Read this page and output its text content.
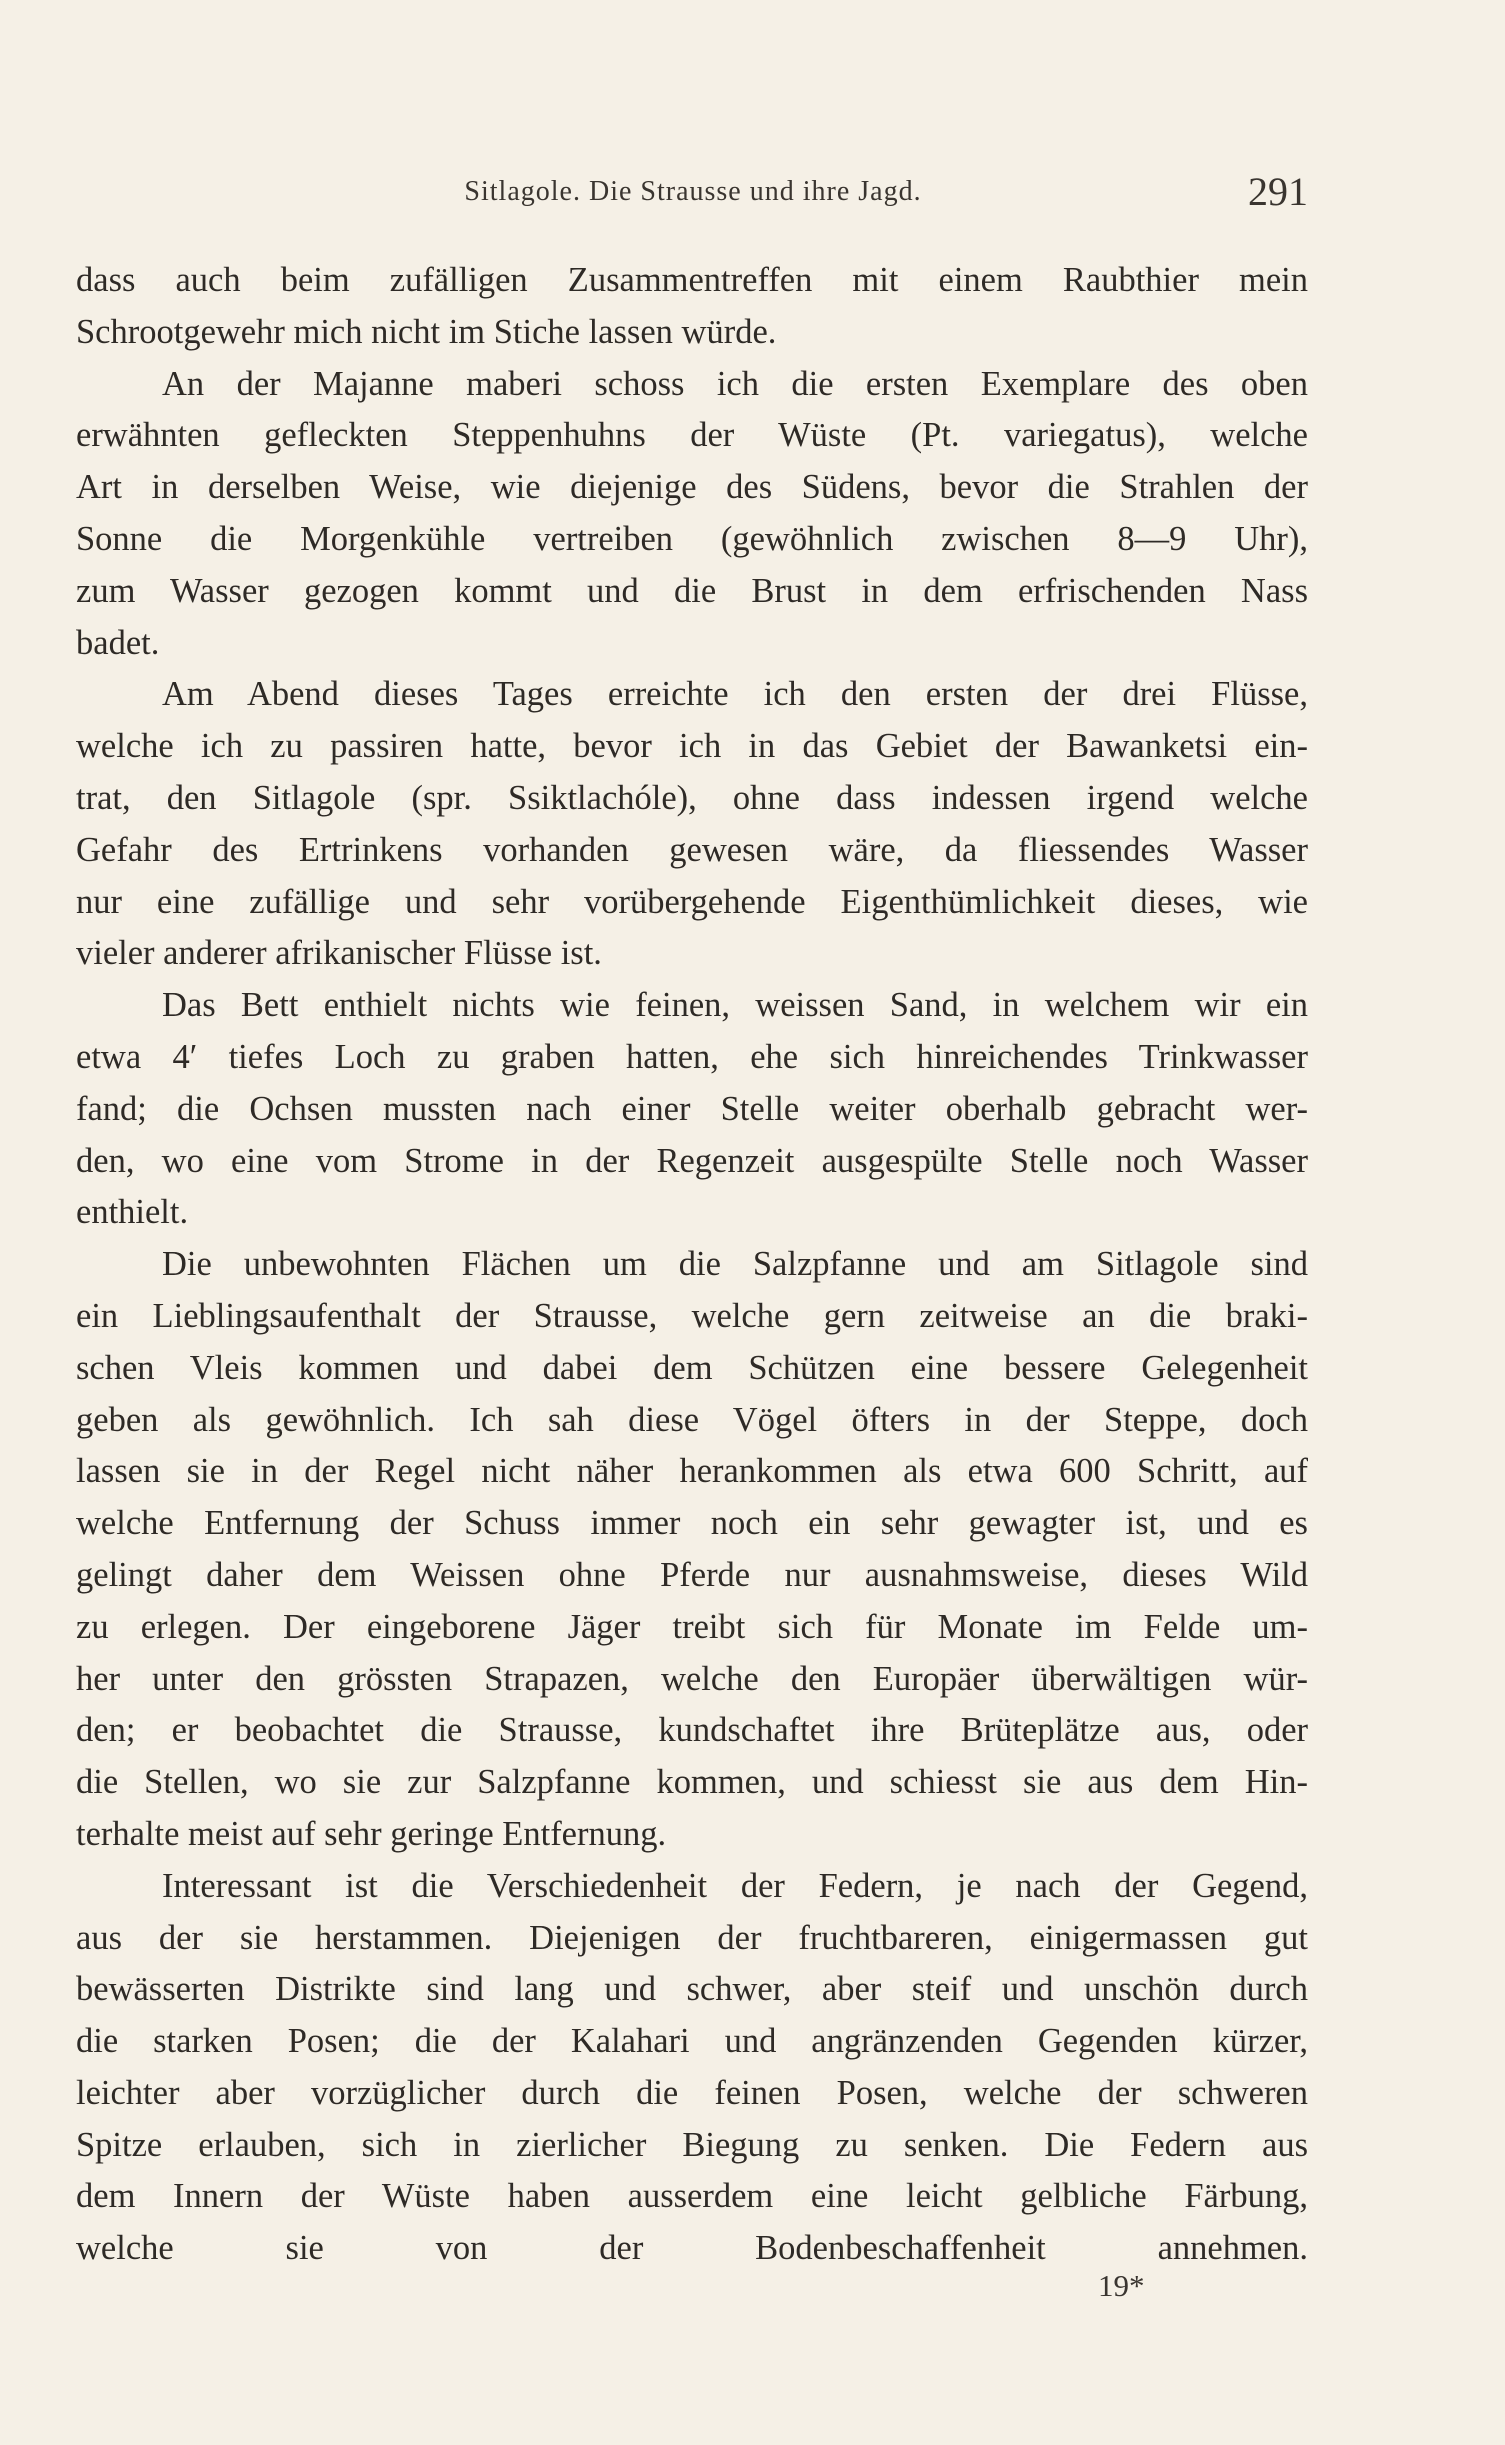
Sitlagole. Die Strausse und ihre Jagd.	291

dass auch beim zufälligen Zusammentreffen mit einem Raubthier mein

Schrootgewehr mich nicht im Stiche lassen würde.

An der Majanne maberi schoss ich die ersten Exemplare des oben

erwähnten gefleckten Steppenhuhns der Wüste (Pt. variegatus), welche

Art in derselben Weise, wie diejenige des Südens, bevor die Strahlen der

Sonne die Morgenkühle vertreiben (gewöhnlich zwischen 8—9 Uhr),

zum Wasser gezogen kommt und die Brust in dem erfrischenden Nass

badet.

Am Abend dieses Tages erreichte ich den ersten der drei Flüsse,

welche ich zu passiren hatte, bevor ich in das Gebiet der Bawanketsi ein-

trat, den Sitlagole (spr. Ssiktlachóle), ohne dass indessen irgend welche

Gefahr des Ertrinkens vorhanden gewesen wäre, da fliessendes Wasser

nur eine zufällige und sehr vorübergehende Eigenthümlichkeit dieses, wie

vieler anderer afrikanischer Flüsse ist.

Das Bett enthielt nichts wie feinen, weissen Sand, in welchem wir ein

etwa 4′ tiefes Loch zu graben hatten, ehe sich hinreichendes Trinkwasser

fand; die Ochsen mussten nach einer Stelle weiter oberhalb gebracht wer-

den, wo eine vom Strome in der Regenzeit ausgespülte Stelle noch Wasser

enthielt.

Die unbewohnten Flächen um die Salzpfanne und am Sitlagole sind

ein Lieblingsaufenthalt der Strausse, welche gern zeitweise an die braki-

schen Vleis kommen und dabei dem Schützen eine bessere Gelegenheit

geben als gewöhnlich. Ich sah diese Vögel öfters in der Steppe, doch

lassen sie in der Regel nicht näher herankommen als etwa 600 Schritt, auf

welche Entfernung der Schuss immer noch ein sehr gewagter ist, und es

gelingt daher dem Weissen ohne Pferde nur ausnahmsweise, dieses Wild

zu erlegen. Der eingeborene Jäger treibt sich für Monate im Felde um-

her unter den grössten Strapazen, welche den Europäer überwältigen wür-

den; er beobachtet die Strausse, kundschaftet ihre Brüteplätze aus, oder

die Stellen, wo sie zur Salzpfanne kommen, und schiesst sie aus dem Hin-

terhalte meist auf sehr geringe Entfernung.

Interessant ist die Verschiedenheit der Federn, je nach der Gegend,

aus der sie herstammen. Diejenigen der fruchtbareren, einigermassen gut

bewässerten Distrikte sind lang und schwer, aber steif und unschön durch

die starken Posen; die der Kalahari und angränzenden Gegenden kürzer,

leichter aber vorzüglicher durch die feinen Posen, welche der schweren

Spitze erlauben, sich in zierlicher Biegung zu senken. Die Federn aus

dem Innern der Wüste haben ausserdem eine leicht gelbliche Färbung,

welche sie von der Bodenbeschaffenheit annehmen.

19*
